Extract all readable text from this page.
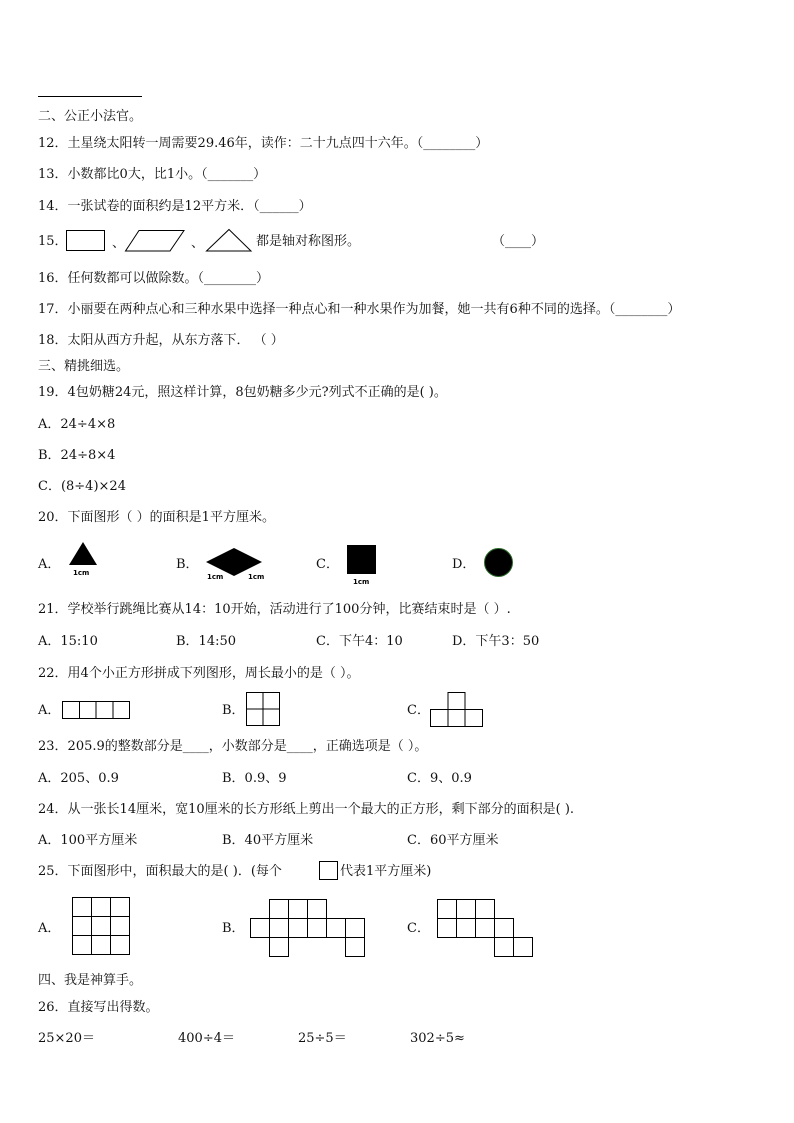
二、公正小法官。
12．土星绕太阳转一周需要29.46年，读作：二十九点四十六年。（________）
13．小数都比0大，比1小。（_______）
14．一张试卷的面积约是12平方米．（______）
15．	、	、	都是轴对称图形。	（____）
16．任何数都可以做除数。（________）
17．小丽要在两种点心和三种水果中选择一种点心和一种水果作为加餐，她一共有6种不同的选择。（________）
18．太阳从西方升起，从东方落下． （ ）
三、精挑细选。
19．4包奶糖24元，照这样计算，8包奶糖多少元?列式不正确的是( )。
A．24÷4×8
B．24÷8×4
C．(8÷4)×24
20．下面图形（ ）的面积是1平方厘米。
A．
1cm
B．
1cm	1cm
C．
1cm
D．
21．学校举行跳绳比赛从14：10开始，活动进行了100分钟，比赛结束时是（ ）.
A．15:10	B．14:50	C．下午4：10	D．下午3：50
22．用4个小正方形拼成下列图形，周长最小的是（ ）。
A．	B．	C．
23．205.9的整数部分是____，小数部分是____，正确选项是（ ）。
A．205、0.9	B．0.9、9	C．9、0.9
24．从一张长14厘米，宽10厘米的长方形纸上剪出一个最大的正方形，剩下部分的面积是( ).
A．100平方厘米	B．40平方厘米	C．60平方厘米
25．下面图形中，面积最大的是( )．(每个	代表1平方厘米)
A．	B．	C．
四、我是神算手。
26．直接写出得数。
25×20＝	400÷4＝	25÷5＝	302÷5≈
